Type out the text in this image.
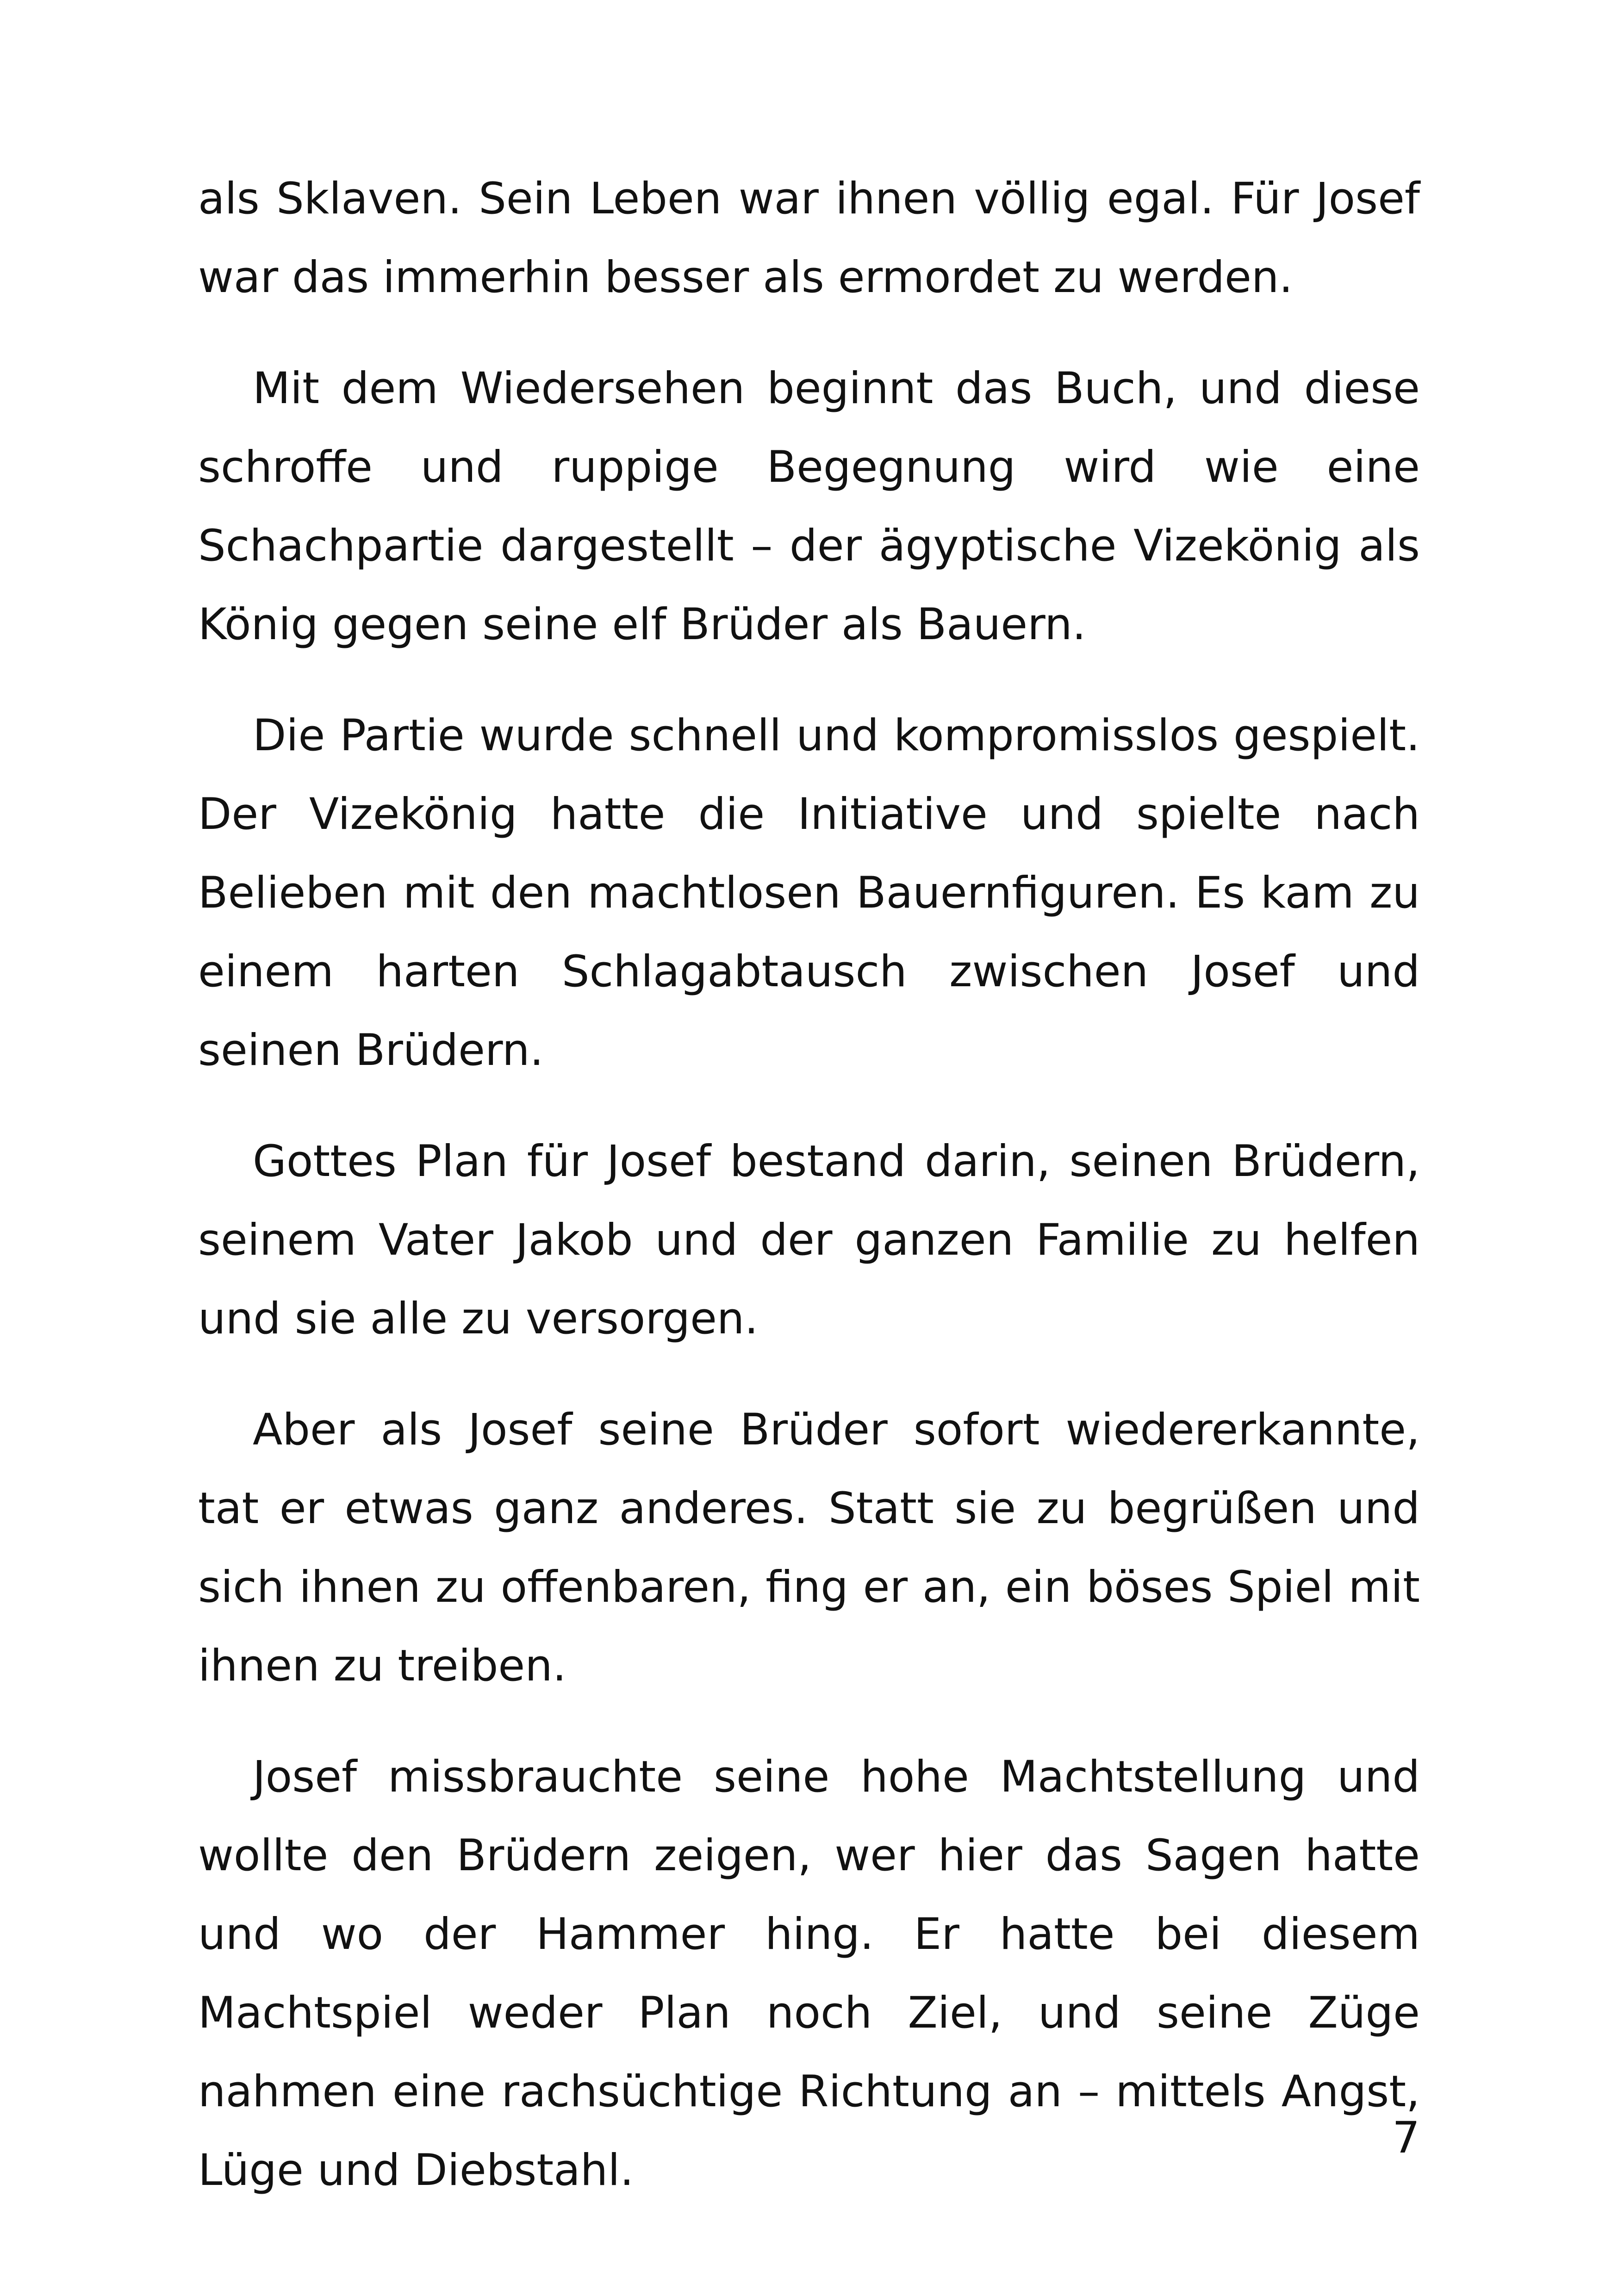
als Sklaven. Sein Leben war ihnen völlig egal. Für Josef war das immerhin besser als ermordet zu werden.

Mit dem Wiedersehen beginnt das Buch, und diese schroffe und ruppige Begegnung wird wie eine Schachpartie dargestellt – der ägyptische Vizekönig als König gegen seine elf Brüder als Bauern.

Die Partie wurde schnell und kompromisslos gespielt. Der Vizekönig hatte die Initiative und spielte nach Belieben mit den machtlosen Bauernfiguren. Es kam zu einem harten Schlagabtausch zwischen Josef und seinen Brüdern.

Gottes Plan für Josef bestand darin, seinen Brüdern, seinem Vater Jakob und der ganzen Familie zu helfen und sie alle zu versorgen.

Aber als Josef seine Brüder sofort wiedererkannte, tat er etwas ganz anderes. Statt sie zu begrüßen und sich ihnen zu offenbaren, fing er an, ein böses Spiel mit ihnen zu treiben.

Josef missbrauchte seine hohe Machtstellung und wollte den Brüdern zeigen, wer hier das Sagen hatte und wo der Hammer hing. Er hatte bei diesem Machtspiel weder Plan noch Ziel, und seine Züge nahmen eine rachsüchtige Richtung an – mittels Angst, Lüge und Diebstahl.

7
